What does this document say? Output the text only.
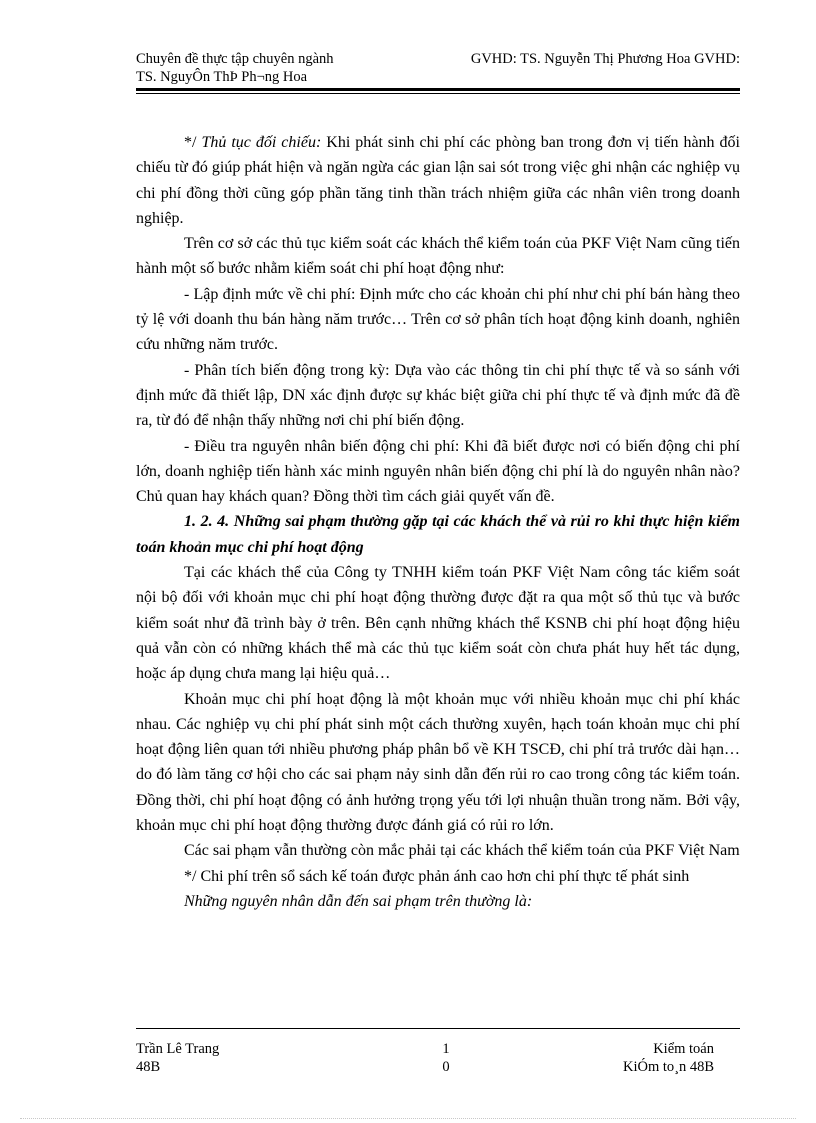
Chuyên đề thực tập chuyên ngành	GVHD: TS. Nguyễn Thị Phương Hoa GVHD:
TS. NguyÔn ThÞ Ph¬ng Hoa

*/ Thủ tục đối chiếu: Khi phát sinh chi phí các phòng ban trong đơn vị tiến hành đối chiếu từ đó giúp phát hiện và ngăn ngừa các gian lận sai sót trong việc ghi nhận các nghiệp vụ chi phí đồng thời cũng góp phần tăng tinh thần trách nhiệm giữa các nhân viên trong doanh nghiệp.

Trên cơ sở các thủ tục kiểm soát các khách thể kiểm toán của PKF Việt Nam cũng tiến hành một số bước nhằm kiểm soát chi phí hoạt động như:

- Lập định mức về chi phí: Định mức cho các khoản chi phí như chi phí bán hàng theo tỷ lệ với doanh thu bán hàng năm trước… Trên cơ sở phân tích hoạt động kinh doanh, nghiên cứu những năm trước.

- Phân tích biến động trong kỳ: Dựa vào các thông tin chi phí thực tế và so sánh với định mức đã thiết lập, DN xác định được sự khác biệt giữa chi phí thực tế và định mức đã đề ra, từ đó để nhận thấy những nơi chi phí biến động.

- Điều tra nguyên nhân biến động chi phí: Khi đã biết được nơi có biến động chi phí lớn, doanh nghiệp tiến hành xác minh nguyên nhân biến động chi phí là do nguyên nhân nào? Chủ quan hay khách quan? Đồng thời tìm cách giải quyết vấn đề.

1. 2. 4. Những sai phạm thường gặp tại các khách thể và rủi ro khi thực hiện kiểm toán khoản mục chi phí hoạt động

Tại các khách thể của Công ty TNHH kiểm toán PKF Việt Nam công tác kiểm soát nội bộ đối với khoản mục chi phí hoạt động thường được đặt ra qua một số thủ tục và bước kiểm soát như đã trình bày ở trên. Bên cạnh những khách thể KSNB chi phí hoạt động hiệu quả vẫn còn có những khách thể mà các thủ tục kiểm soát còn chưa phát huy hết tác dụng, hoặc áp dụng chưa mang lại hiệu quả…

Khoản mục chi phí hoạt động là một khoản mục với nhiều khoản mục chi phí khác nhau. Các nghiệp vụ chi phí phát sinh một cách thường xuyên, hạch toán khoản mục chi phí hoạt động liên quan tới nhiều phương pháp phân bổ về KH TSCĐ, chi phí trả trước dài hạn… do đó làm tăng cơ hội cho các sai phạm nảy sinh dẫn đến rủi ro cao trong công tác kiểm toán. Đồng thời, chi phí hoạt động có ảnh hưởng trọng yếu tới lợi nhuận thuần trong năm. Bởi vậy, khoản mục chi phí hoạt động thường được đánh giá có rủi ro lớn.

Các sai phạm vẫn thường còn mắc phải tại các khách thể kiểm toán của PKF Việt Nam

*/ Chi phí trên sổ sách kế toán được phản ánh cao hơn chi phí thực tế phát sinh

Những nguyên nhân dẫn đến sai phạm trên thường là:

Trần Lê Trang
48B
1
0
Kiểm toán
KiÓm to¸n 48B
